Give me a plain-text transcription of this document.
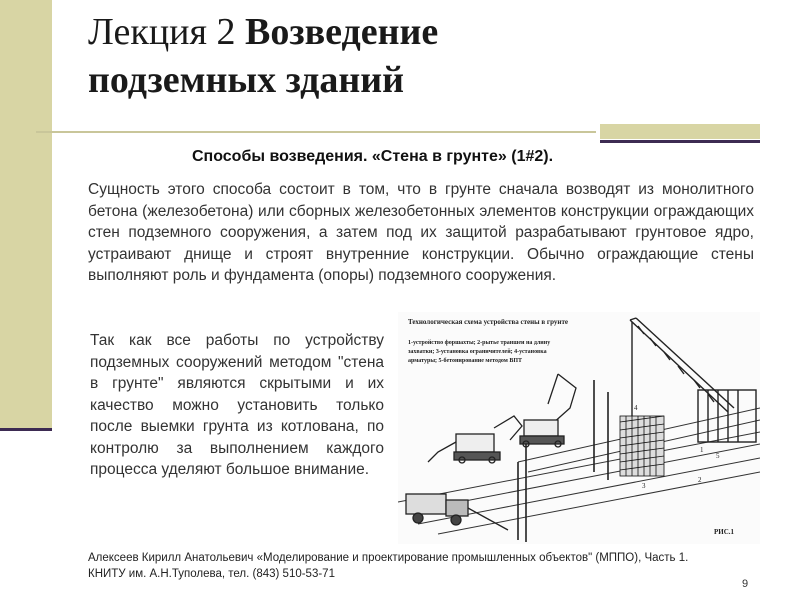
Лекция 2 Возведение
подземных зданий
Способы возведения. «Стена в грунте» (1#2).
Сущность этого способа состоит в том, что в грунте сначала возводят из монолитного бетона (железобетона) или сборных железобетонных элементов конструкции ограждающих стен подземного сооружения, а затем под их защитой разрабатывают грунтовое ядро, устраивают днище и строят внутренние конструкции. Обычно ограждающие стены выполняют роль и фундамента (опоры) подземного сооружения.
Так как все работы по устройству подземных сооружений методом "стена в грунте" являются скрытыми и их качество можно установить только после выемки грунта из котлована, по контролю за выполнением каждого процесса уделяют большое внимание.
Технологическая схема устройства стены в грунте
1-устройство форшахты; 2-рытье траншеи на длину
захватки; 3-установка ограничителей; 4-установка
арматуры; 5-бетонирование методом ВПТ
РИС.1
1
2
3
4
5
Алексеев Кирилл Анатольевич «Моделирование и проектирование промышленных объектов" (МППО), Часть 1.
КНИТУ им. А.Н.Туполева, тел. (843) 510-53-71
9
